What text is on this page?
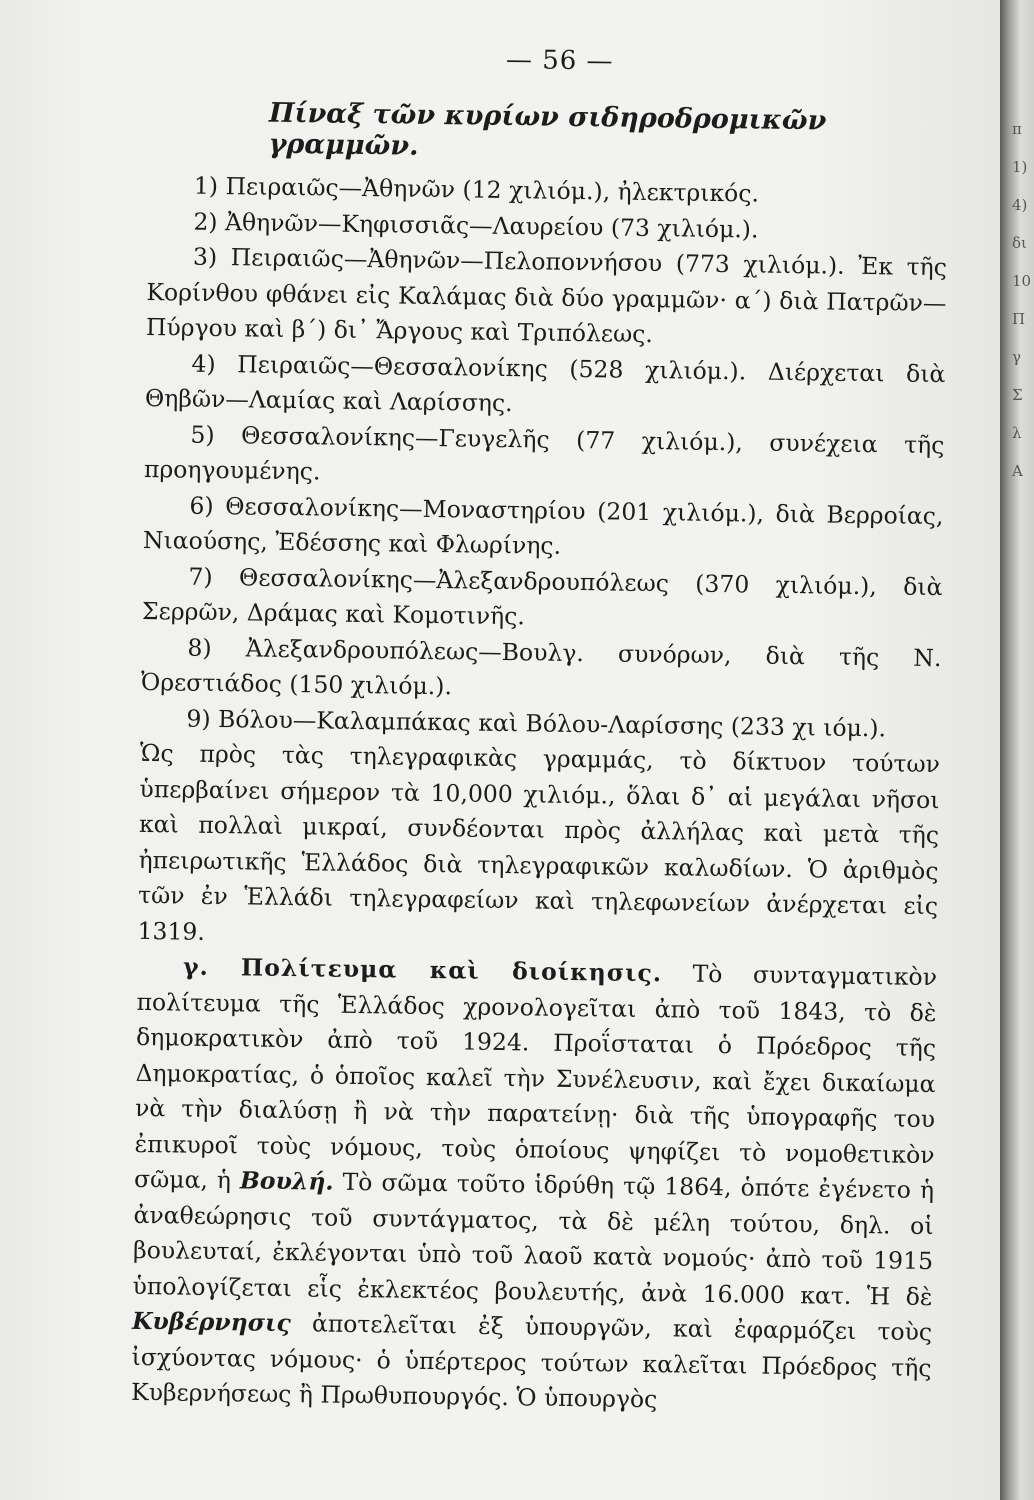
— 56 —
Πίναξ τῶν κυρίων σιδηροδρομικῶν γραμμῶν.

1) Πειραιῶς—Ἀθηνῶν (12 χιλιόμ.), ἠλεκτρικός.

2) Ἀθηνῶν—Κηφισσιᾶς—Λαυρείου (73 χιλιόμ.).

3) Πειραιῶς—Ἀθηνῶν—Πελοποννήσου (773 χιλιόμ.). Ἐκ τῆς Κορίνθου φθάνει εἰς Καλάμας διὰ δύο γραμμῶν· α΄) διὰ Πατρῶν—Πύργου καὶ β΄) δι᾽ Ἄργους καὶ Τριπόλεως.

4) Πειραιῶς—Θεσσαλονίκης (528 χιλιόμ.). Διέρχεται διὰ Θηβῶν—Λαμίας καὶ Λαρίσσης.

5) Θεσσαλονίκης—Γευγελῆς (77 χιλιόμ.), συνέχεια τῆς προηγουμένης.

6) Θεσσαλονίκης—Μοναστηρίου (201 χιλιόμ.), διὰ Βερροίας, Νιαούσης, Ἐδέσσης καὶ Φλωρίνης.

7) Θεσσαλονίκης—Ἀλεξανδρουπόλεως (370 χιλιόμ.), διὰ Σερρῶν, Δράμας καὶ Κομοτινῆς.

8) Ἀλεξανδρουπόλεως—Βουλγ. συνόρων, διὰ τῆς Ν. Ὀρεστιάδος (150 χιλιόμ.).

9) Βόλου—Καλαμπάκας καὶ Βόλου-Λαρίσσης (233 χι ιόμ.).

Ὡς πρὸς τὰς τηλεγραφικὰς γραμμάς, τὸ δίκτυον τούτων ὑπερβαίνει σήμερον τὰ 10,000 χιλιόμ., ὅλαι δ᾽ αἱ μεγάλαι νῆσοι καὶ πολλαὶ μικραί, συνδέονται πρὸς ἀλλήλας καὶ μετὰ τῆς ἠπειρωτικῆς Ἑλλάδος διὰ τηλεγραφικῶν καλωδίων. Ὁ ἀριθμὸς τῶν ἐν Ἑλλάδι τηλεγραφείων καὶ τηλεφωνείων ἀνέρχεται εἰς 1319.

γ. Πολίτευμα καὶ διοίκησις. Τὸ συνταγματικὸν πολίτευμα τῆς Ἑλλάδος χρονολογεῖται ἀπὸ τοῦ 1843, τὸ δὲ δημοκρατικὸν ἀπὸ τοῦ 1924. Προΐσταται ὁ Πρόεδρος τῆς Δημοκρατίας, ὁ ὁποῖος καλεῖ τὴν Συνέλευσιν, καὶ ἔχει δικαίωμα νὰ τὴν διαλύσῃ ἢ νὰ τὴν παρατείνῃ· διὰ τῆς ὑπογραφῆς του ἐπικυροῖ τοὺς νόμους, τοὺς ὁποίους ψηφίζει τὸ νομοθετικὸν σῶμα, ἡ Βουλή. Τὸ σῶμα τοῦτο ἱδρύθη τῷ 1864, ὁπότε ἐγένετο ἡ ἀναθεώρησις τοῦ συντάγματος, τὰ δὲ μέλη τούτου, δηλ. οἱ βουλευταί, ἐκλέγονται ὑπὸ τοῦ λαοῦ κατὰ νομούς· ἀπὸ τοῦ 1915 ὑπολογίζεται εἷς ἐκλεκτέος βουλευτής, ἀνὰ 16.000 κατ. Ἡ δὲ Κυβέρνησις ἀποτελεῖται ἐξ ὑπουργῶν, καὶ ἐφαρμόζει τοὺς ἰσχύοντας νόμους· ὁ ὑπέρτερος τούτων καλεῖται Πρόεδρος τῆς Κυβερνήσεως ἢ Πρωθυπουργός. Ὁ ὑπουργὸς

π
1)
4)
δι
10
Π
γ
Σ
λ
Α
